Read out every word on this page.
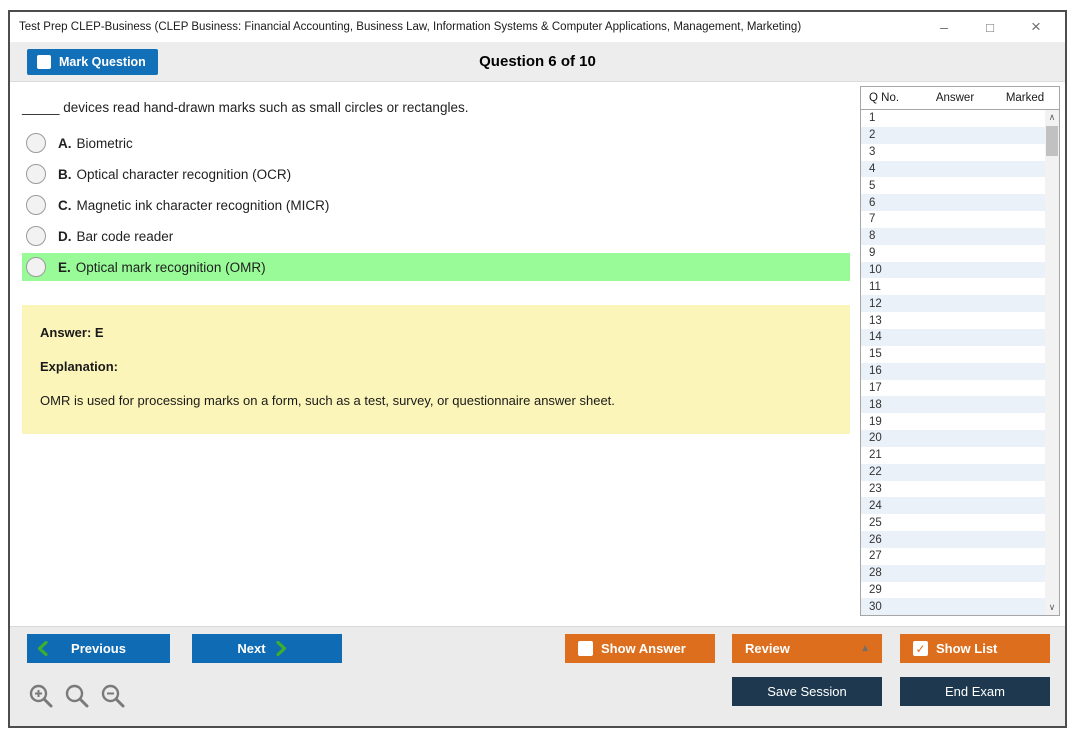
Test Prep CLEP-Business (CLEP Business: Financial Accounting, Business Law, Information Systems & Computer Applications, Management, Marketing)	–	□	×
Mark Question	Question 6 of 10
_____ devices read hand-drawn marks such as small circles or rectangles.
A. Biometric
B. Optical character recognition (OCR)
C. Magnetic ink character recognition (MICR)
D. Bar code reader
E. Optical mark recognition (OMR)
Answer: E
Explanation:
OMR is used for processing marks on a form, such as a test, survey, or questionnaire answer sheet.
Q No.	Answer	Marked
1
2
3
4
5
6
7
8
9
10
11
12
13
14
15
16
17
18
19
20
21
22
23
24
25
26
27
28
29
30
∧
∨
Previous	Next	Show Answer	Review	▲	✓ Show List
Save Session	End Exam
